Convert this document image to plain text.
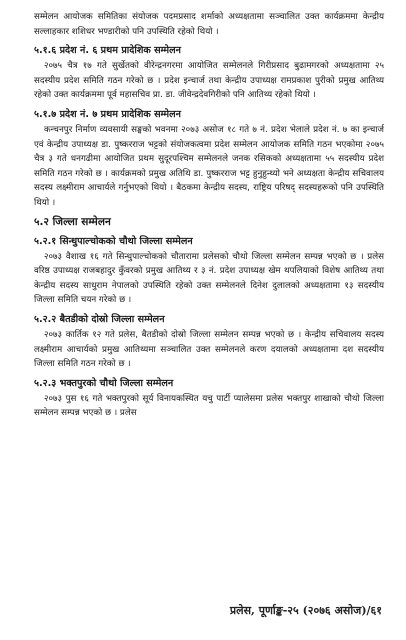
सम्मेलन आयोजक समितिका संयोजक पदमप्रसाद शर्माको अध्यक्षतामा सञ्चालित उक्त कार्यक्रममा केन्द्रीय सल्लाहकार शशिधर भण्डारीको पनि उपस्थिति रहेको थियो ।

५.१.६ प्रदेश नं. ६ प्रथम प्रादेशिक सम्मेलन

२०७५ चैत्र १७ गते सुर्खेतको वीरेन्द्रनगरमा आयोजित सम्मेलनले गिरीप्रसाद बुढामगरको अध्यक्षतामा २५ सदस्यीय प्रदेश समिति गठन गरेको छ । प्रदेश इन्चार्ज तथा केन्द्रीय उपाध्यक्ष रामप्रकाश पुरीको प्रमुख आतिथ्य रहेको उक्त कार्यक्रममा पूर्व महासचिव प्रा. डा. जीवेन्द्रदेवगिरीको पनि आतिथ्य रहेको थियो ।

५.१.७ प्रदेश नं. ७ प्रथम प्रादेशिक सम्मेलन

कन्चनपुर निर्माण व्यवसायी सङ्घको भवनमा २०७३ असोज १८ गते ७ नं. प्रदेश भेलाले प्रदेश नं. ७ का इन्चार्ज एवं केन्द्रीय उपाध्यक्ष डा. पुष्करराज भट्टको संयोजकत्वमा प्रदेश सम्मेलन आयोजक समिति गठन भएकोमा २०७५ चैत्र ३ गते धनगढीमा आयोजित प्रथम सुदूरपश्चिम सम्मेलनले जनक रसिकको अध्यक्षतामा ५५ सदस्यीय प्रदेश समिति गठन गरेको छ । कार्यक्रमको प्रमुख अतिथि डा. पुष्करराज भट्ट हुनुहुन्थ्यो भने अध्यक्षता केन्द्रीय सचिवालय सदस्य लक्ष्मीराम आचार्यले गर्नुभएको थियो । बैठकमा केन्द्रीय सदस्य, राष्ट्रिय परिषद् सदस्यहरूको पनि उपस्थिति थियो ।

५.२ जिल्ला सम्मेलन
५.२.१ सिन्धुपाल्चोकको चौथो जिल्ला सम्मेलन

२०७३ वैशाख १६ गते सिन्धुपाल्चोकको चौतारामा प्रलेसको चौथो जिल्ला सम्मेलन सम्पन्न भएको छ । प्रलेस वरिष्ठ उपाध्यक्ष राजबहादुर कुँवरको प्रमुख आतिथ्य र ३ नं. प्रदेश उपाध्यक्ष खेम थपलियाको विशेष आतिथ्य तथा केन्द्रीय सदस्य साधुराम नेपालको उपस्थिति रहेको उक्त सम्मेलनले दिनेश दुलालको अध्यक्षतामा १३ सदस्यीय जिल्ला समिति चयन गरेको छ ।

५.२.२ बैतडीको दोस्रो जिल्ला सम्मेलन

२०७३ कार्तिक १२ गते प्रलेस, बैतडीको दोस्रो जिल्ला सम्मेलन सम्पन्न भएको छ । केन्द्रीय सचिवालय सदस्य लक्ष्मीराम आचार्यको प्रमुख आतिथ्यमा सञ्चालित उक्त सम्मेलनले करण दयालको अध्यक्षतामा दश सदस्यीय जिल्ला समिति गठन गरेको छ ।

५.२.३ भक्तपुरको चौथो जिल्ला सम्मेलन

२०७३ पुस १६ गते भक्तपुरको सूर्य विनायकस्थित यचु पार्टी प्यालेसमा प्रलेस भक्तपुर शाखाको चौथो जिल्ला सम्मेलन सम्पन्न भएको छ । प्रलेस

प्रलेस, पूर्णाङ्क-२५ (२०७६ असोज)/६१
